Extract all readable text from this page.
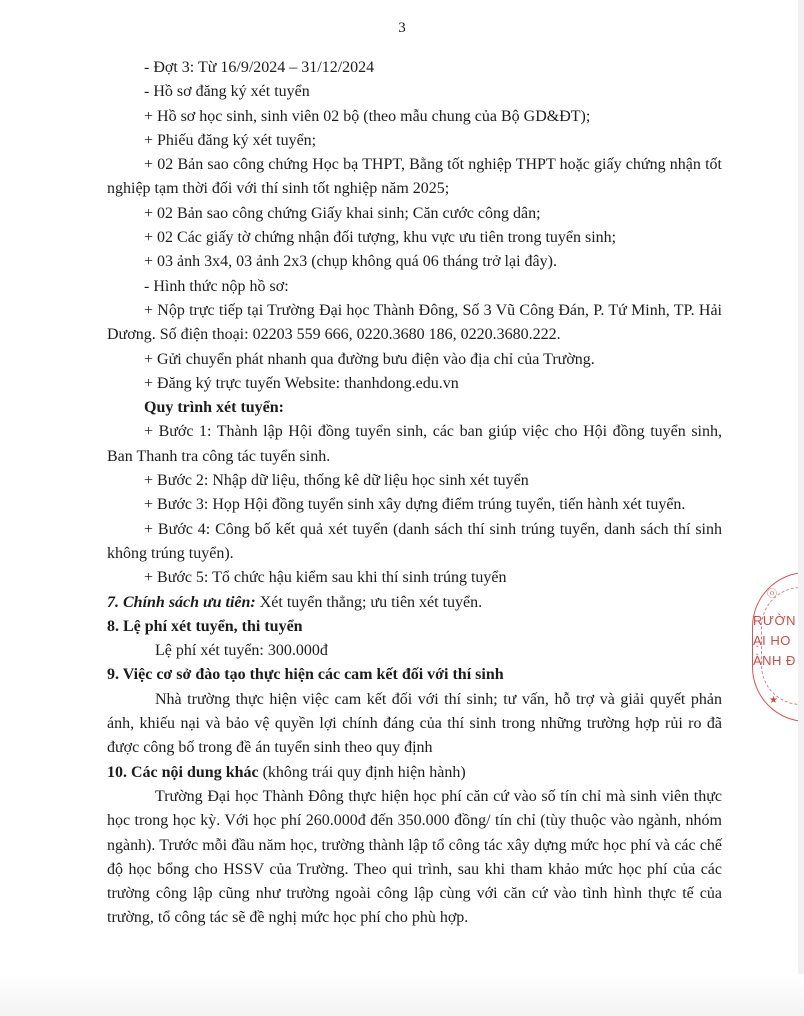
3

- Đợt 3: Từ 16/9/2024 – 31/12/2024

- Hồ sơ đăng ký xét tuyển

+ Hồ sơ học sinh, sinh viên 02 bộ (theo mẫu chung của Bộ GD&ĐT);

+ Phiếu đăng ký xét tuyển;

+ 02 Bản sao công chứng Học bạ THPT, Bằng tốt nghiệp THPT hoặc giấy chứng nhận tốt nghiệp tạm thời đối với thí sinh tốt nghiệp năm 2025;

+ 02 Bản sao công chứng Giấy khai sinh; Căn cước công dân;

+ 02 Các giấy tờ chứng nhận đối tượng, khu vực ưu tiên trong tuyển sinh;

+ 03 ảnh 3x4, 03 ảnh 2x3 (chụp không quá 06 tháng trở lại đây).

- Hình thức nộp hồ sơ:

+ Nộp trực tiếp tại Trường Đại học Thành Đông, Số 3 Vũ Công Đán, P. Tứ Minh, TP. Hải Dương. Số điện thoại: 02203 559 666, 0220.3680 186, 0220.3680.222.

+ Gửi chuyển phát nhanh qua đường bưu điện vào địa chỉ của Trường.

+ Đăng ký trực tuyến Website: thanhdong.edu.vn

Quy trình xét tuyển:

+ Bước 1: Thành lập Hội đồng tuyển sinh, các ban giúp việc cho Hội đồng tuyển sinh, Ban Thanh tra công tác tuyển sinh.

+ Bước 2: Nhập dữ liệu, thống kê dữ liệu học sinh xét tuyển

+ Bước 3: Họp Hội đồng tuyển sinh xây dựng điểm trúng tuyển, tiến hành xét tuyển.

+ Bước 4: Công bố kết quả xét tuyển (danh sách thí sinh trúng tuyển, danh sách thí sinh không trúng tuyển).

+ Bước 5: Tổ chức hậu kiểm sau khi thí sinh trúng tuyển

7. Chính sách ưu tiên: Xét tuyển thẳng; ưu tiên xét tuyển.

8. Lệ phí xét tuyển, thi tuyển

Lệ phí xét tuyển: 300.000đ

9. Việc cơ sở đào tạo thực hiện các cam kết đối với thí sinh

Nhà trường thực hiện việc cam kết đối với thí sinh; tư vấn, hỗ trợ và giải quyết phản ánh, khiếu nại và bảo vệ quyền lợi chính đáng của thí sinh trong những trường hợp rủi ro đã được công bố trong đề án tuyển sinh theo quy định

10. Các nội dung khác (không trái quy định hiện hành)

Trường Đại học Thành Đông thực hiện học phí căn cứ vào số tín chỉ mà sinh viên thực học trong học kỳ. Với học phí 260.000đ đến 350.000 đồng/ tín chỉ (tùy thuộc vào ngành, nhóm ngành). Trước mỗi đầu năm học, trường thành lập tổ công tác xây dựng mức học phí và các chế độ học bổng cho HSSV của Trường. Theo qui trình, sau khi tham khảo mức học phí của các trường công lập cũng như trường ngoài công lập cùng với căn cứ vào tình hình thực tế của trường, tổ công tác sẽ đề nghị mức học phí cho phù hợp.

ⓞ
RƯỜN
ẠI HO
ÀNH Đ
★
